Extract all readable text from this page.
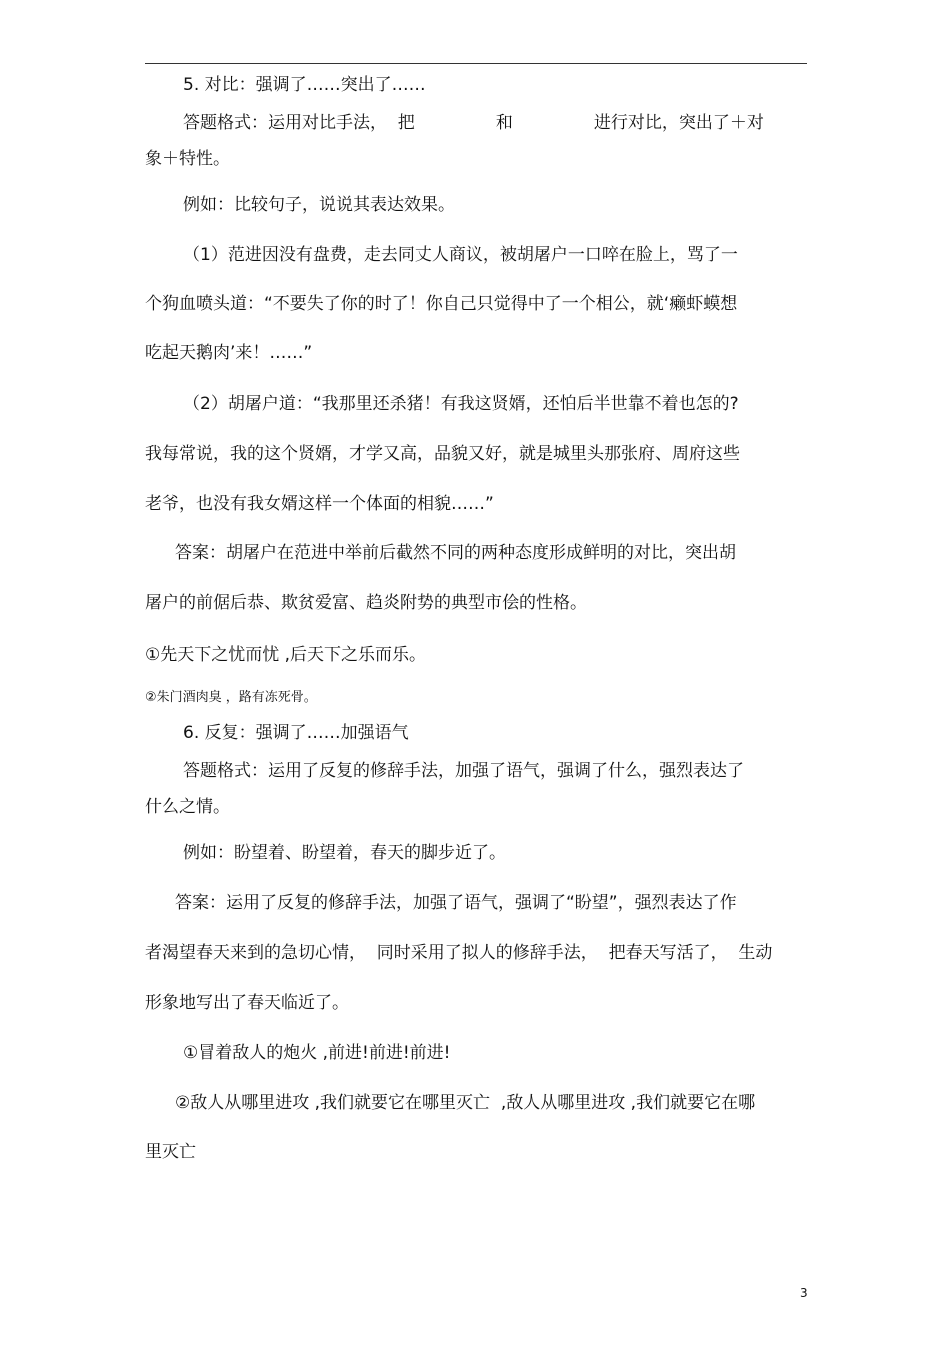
5. 对比：强调了……突出了……
答题格式：运用对比手法，  把               和               进行对比，突出了＋对
象＋特性。
例如：比较句子，说说其表达效果。
（1）范进因没有盘费，走去同丈人商议，被胡屠户一口啐在脸上，骂了一
个狗血喷头道：“不要失了你的时了！你自己只觉得中了一个相公，就‘癞虾蟆想
吃起天鹅肉’来！……”
（2）胡屠户道：“我那里还杀猪！有我这贤婿，还怕后半世靠不着也怎的?
我每常说，我的这个贤婿，才学又高，品貌又好，就是城里头那张府、周府这些
老爷，也没有我女婿这样一个体面的相貌……”
答案：胡屠户在范进中举前后截然不同的两种态度形成鲜明的对比，突出胡
屠户的前倨后恭、欺贫爱富、趋炎附势的典型市侩的性格。
①先天下之忧而忧 ,后天下之乐而乐。
②朱门酒肉臭 ，路有冻死骨。
6. 反复：强调了……加强语气
答题格式：运用了反复的修辞手法，加强了语气，强调了什么，强烈表达了
什么之情。
例如：盼望着、盼望着，春天的脚步近了。
答案：运用了反复的修辞手法，加强了语气，强调了“盼望”，强烈表达了作
者渴望春天来到的急切心情，  同时采用了拟人的修辞手法，  把春天写活了，  生动
形象地写出了春天临近了。
①冒着敌人的炮火 ,前进!前进!前进!
②敌人从哪里进攻 ,我们就要它在哪里灭亡  ,敌人从哪里进攻 ,我们就要它在哪
里灭亡
3
